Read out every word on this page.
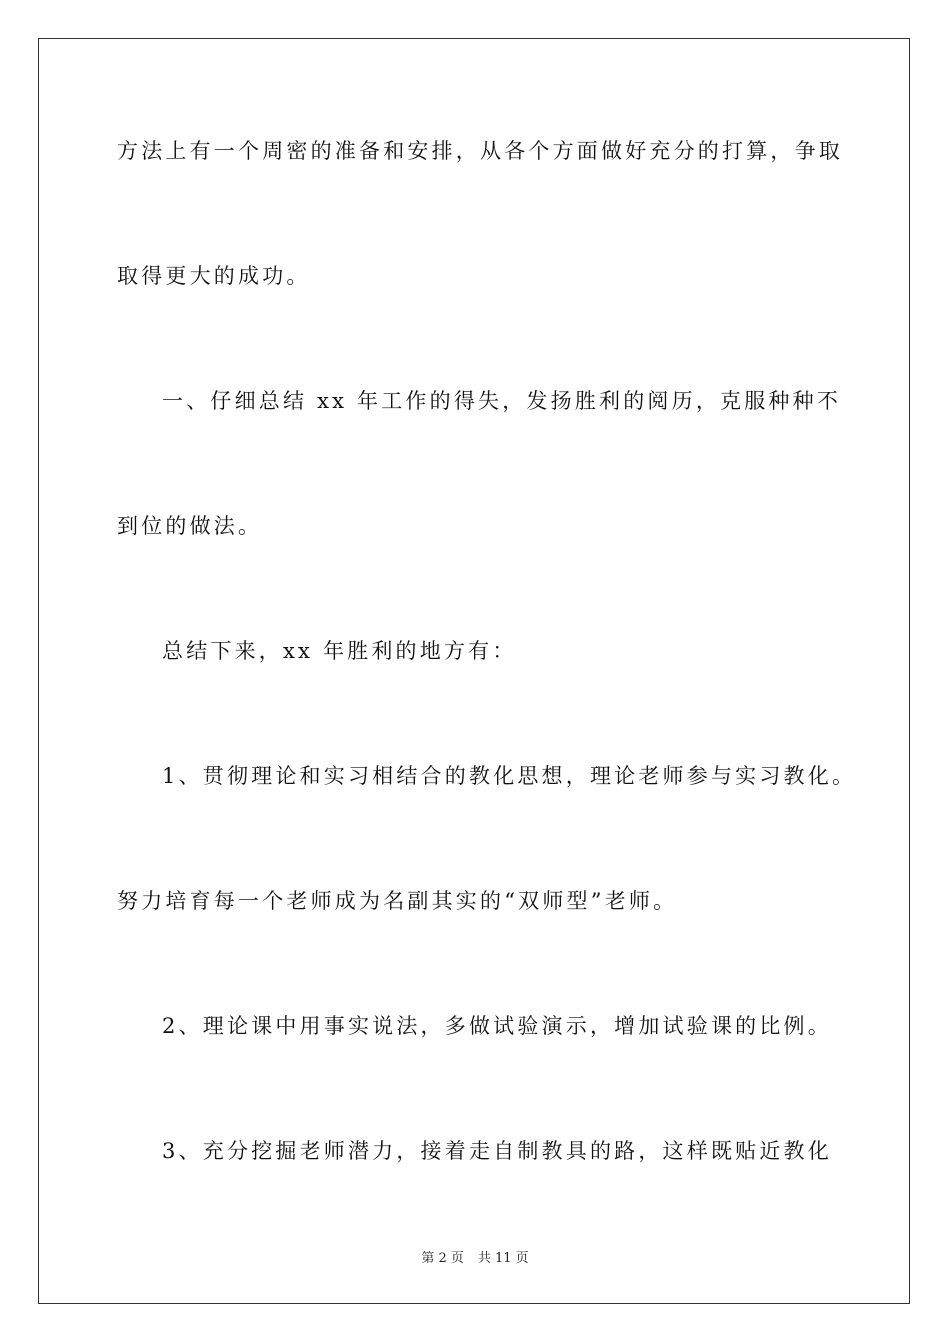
方法上有一个周密的准备和安排，从各个方面做好充分的打算，争取
取得更大的成功。
一、仔细总结 xx 年工作的得失，发扬胜利的阅历，克服种种不
到位的做法。
总结下来，xx 年胜利的地方有：
1、贯彻理论和实习相结合的教化思想，理论老师参与实习教化。
努力培育每一个老师成为名副其实的“双师型”老师。
2、理论课中用事实说法，多做试验演示，增加试验课的比例。
3、充分挖掘老师潜力，接着走自制教具的路，这样既贴近教化
第 2 页 共 11 页
